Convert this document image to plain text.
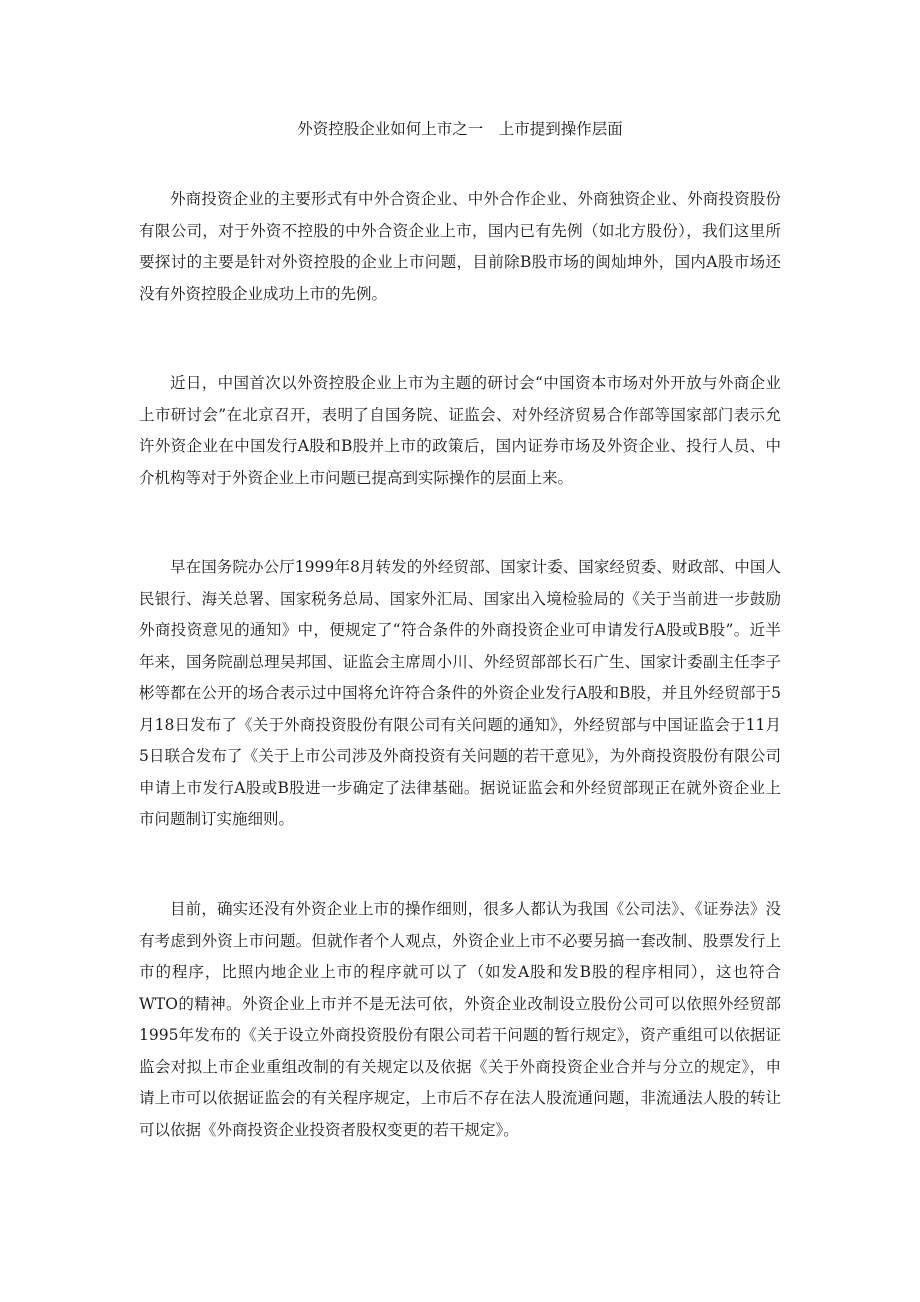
外资控股企业如何上市之一　上市提到操作层面

外商投资企业的主要形式有中外合资企业、中外合作企业、外商独资企业、外商投资股份有限公司，对于外资不控股的中外合资企业上市，国内已有先例（如北方股份），我们这里所要探讨的主要是针对外资控股的企业上市问题，目前除B股市场的闽灿坤外，国内A股市场还没有外资控股企业成功上市的先例。

近日，中国首次以外资控股企业上市为主题的研讨会“中国资本市场对外开放与外商企业上市研讨会”在北京召开，表明了自国务院、证监会、对外经济贸易合作部等国家部门表示允许外资企业在中国发行A股和B股并上市的政策后，国内证券市场及外资企业、投行人员、中介机构等对于外资企业上市问题已提高到实际操作的层面上来。

早在国务院办公厅1999年8月转发的外经贸部、国家计委、国家经贸委、财政部、中国人民银行、海关总署、国家税务总局、国家外汇局、国家出入境检验局的《关于当前进一步鼓励外商投资意见的通知》中，便规定了“符合条件的外商投资企业可申请发行A股或B股”。近半年来，国务院副总理吴邦国、证监会主席周小川、外经贸部部长石广生、国家计委副主任李子彬等都在公开的场合表示过中国将允许符合条件的外资企业发行A股和B股，并且外经贸部于5月18日发布了《关于外商投资股份有限公司有关问题的通知》，外经贸部与中国证监会于11月5日联合发布了《关于上市公司涉及外商投资有关问题的若干意见》，为外商投资股份有限公司申请上市发行A股或B股进一步确定了法律基础。据说证监会和外经贸部现正在就外资企业上市问题制订实施细则。

目前，确实还没有外资企业上市的操作细则，很多人都认为我国《公司法》、《证券法》没有考虑到外资上市问题。但就作者个人观点，外资企业上市不必要另搞一套改制、股票发行上市的程序，比照内地企业上市的程序就可以了（如发A股和发B股的程序相同），这也符合WTO的精神。外资企业上市并不是无法可依，外资企业改制设立股份公司可以依照外经贸部1995年发布的《关于设立外商投资股份有限公司若干问题的暂行规定》，资产重组可以依据证监会对拟上市企业重组改制的有关规定以及依据《关于外商投资企业合并与分立的规定》，申请上市可以依据证监会的有关程序规定，上市后不存在法人股流通问题，非流通法人股的转让可以依据《外商投资企业投资者股权变更的若干规定》。
